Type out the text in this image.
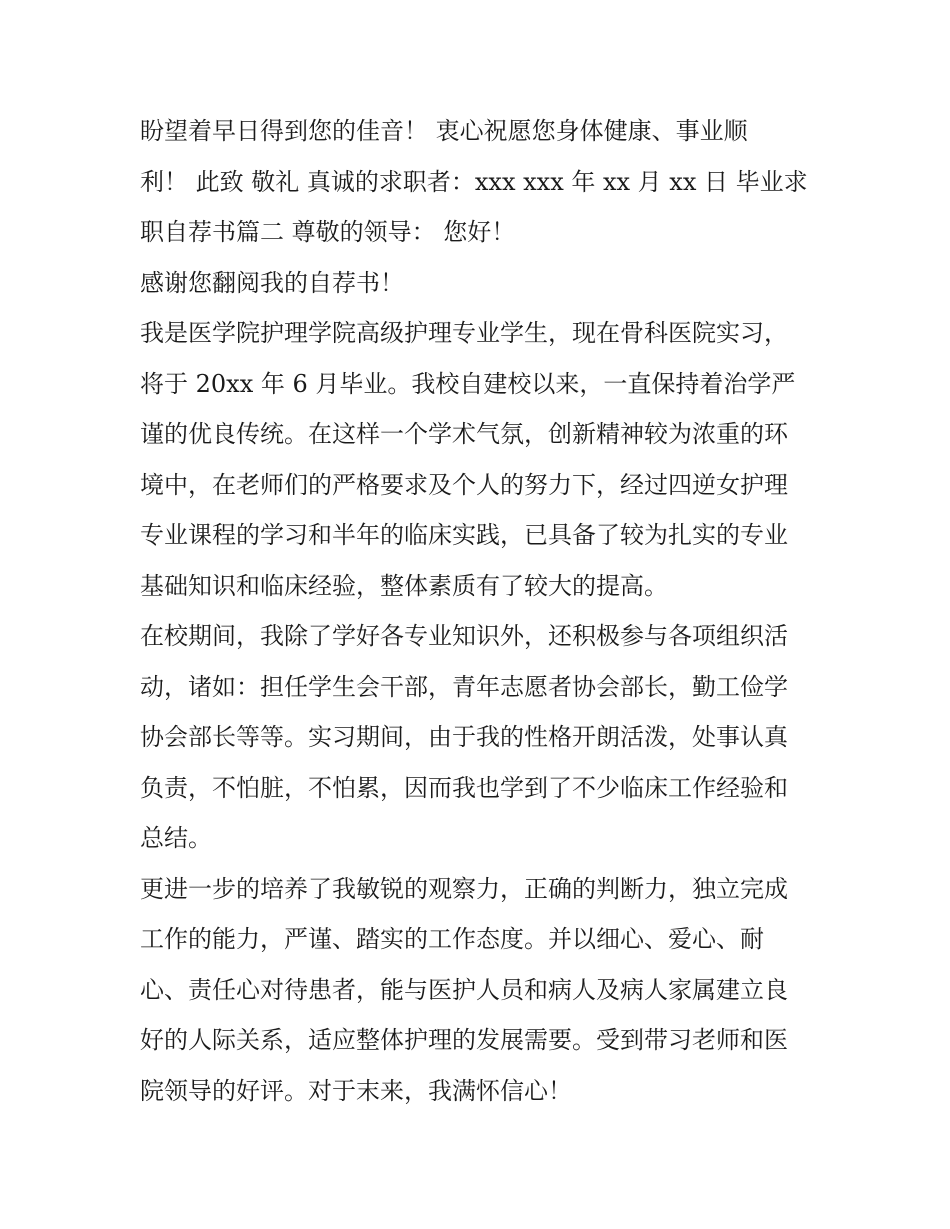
盼望着早日得到您的佳音！ 衷心祝愿您身体健康、事业顺
利！ 此致 敬礼 真诚的求职者：xxx xxx 年 xx 月 xx 日 毕业求
职自荐书篇二 尊敬的领导： 您好！
感谢您翻阅我的自荐书！
我是医学院护理学院高级护理专业学生，现在骨科医院实习，
将于 20xx 年 6 月毕业。我校自建校以来，一直保持着治学严
谨的优良传统。在这样一个学术气氛，创新精神较为浓重的环
境中，在老师们的严格要求及个人的努力下，经过四逆女护理
专业课程的学习和半年的临床实践，已具备了较为扎实的专业
基础知识和临床经验，整体素质有了较大的提高。
在校期间，我除了学好各专业知识外，还积极参与各项组织活
动，诸如：担任学生会干部，青年志愿者协会部长，勤工俭学
协会部长等等。实习期间，由于我的性格开朗活泼，处事认真
负责，不怕脏，不怕累，因而我也学到了不少临床工作经验和
总结。
更进一步的培养了我敏锐的观察力，正确的判断力，独立完成
工作的能力，严谨、踏实的工作态度。并以细心、爱心、耐
心、责任心对待患者，能与医护人员和病人及病人家属建立良
好的人际关系，适应整体护理的发展需要。受到带习老师和医
院领导的好评。对于末来，我满怀信心！
